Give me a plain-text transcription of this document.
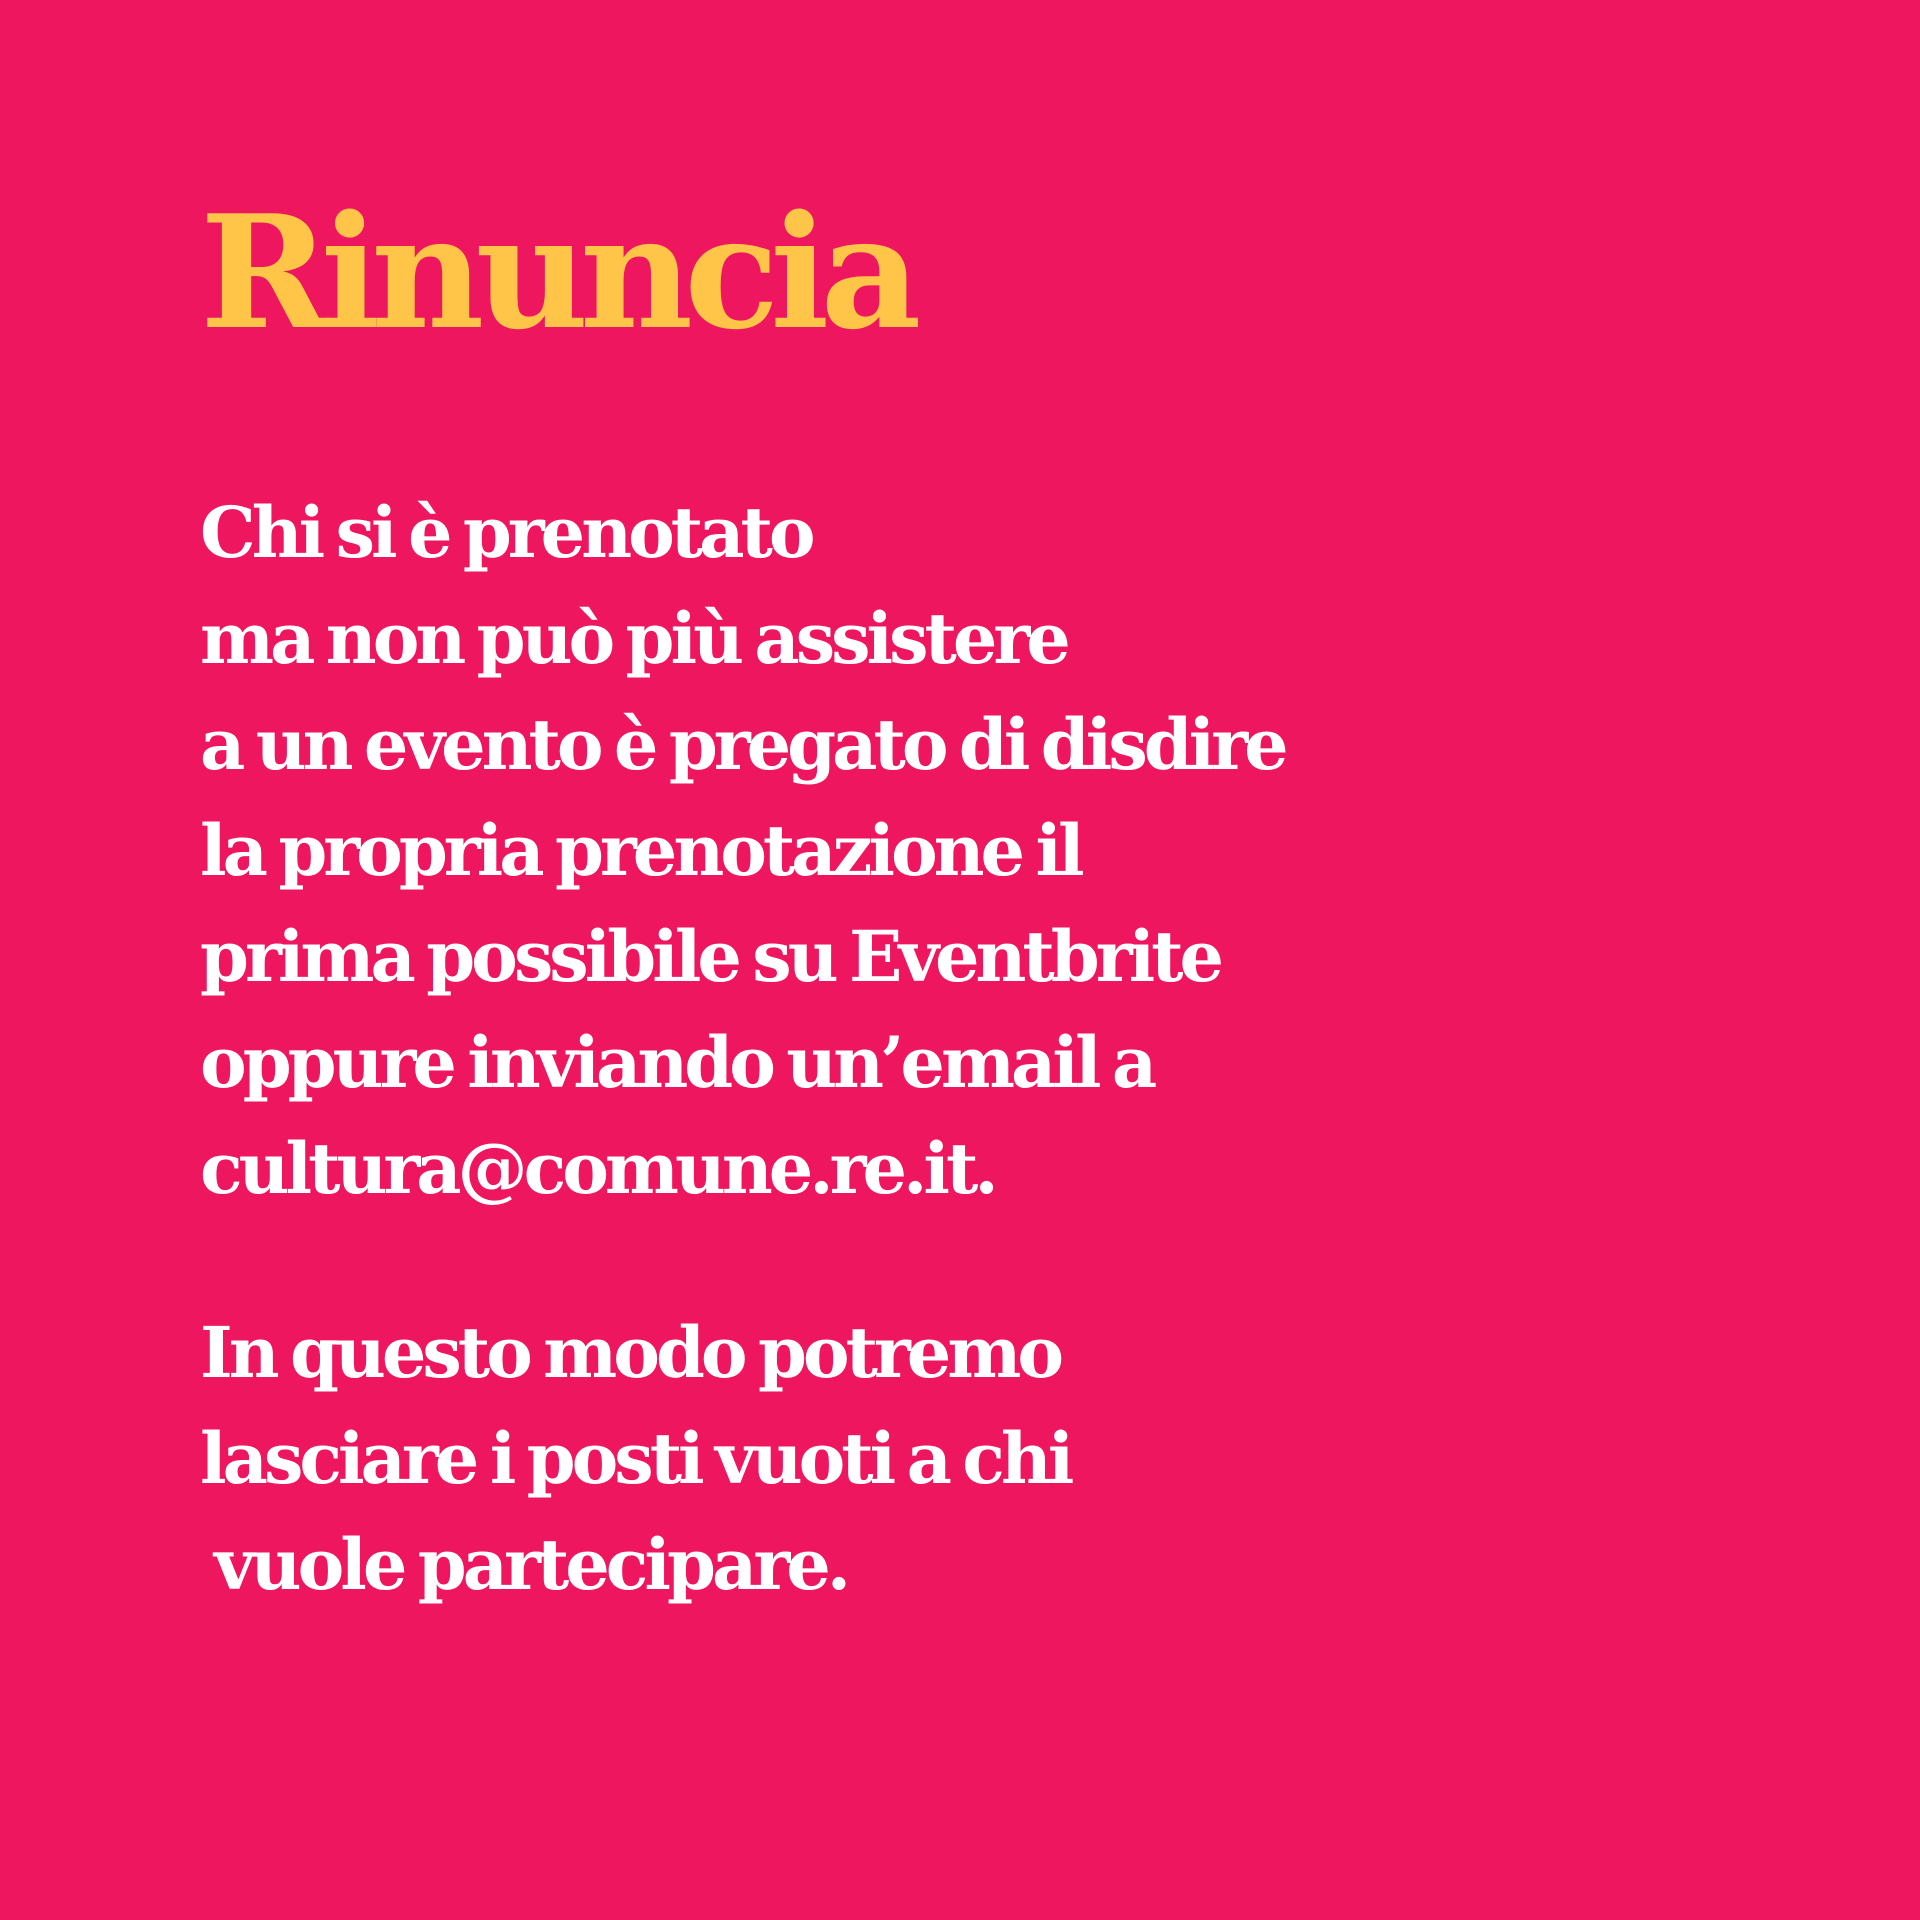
Rinuncia

Chi si è prenotato
ma non può più assistere
a un evento è pregato di disdire
la propria prenotazione il
prima possibile su Eventbrite
oppure inviando un’email a
cultura@comune.re.it.

In questo modo potremo
lasciare i posti vuoti a chi
vuole partecipare.
